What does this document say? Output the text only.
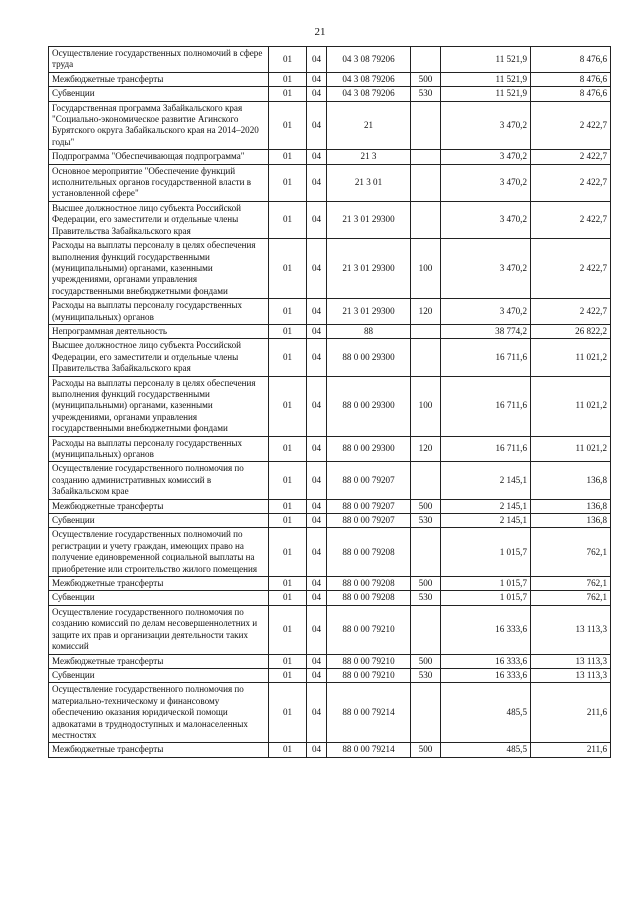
21
Осуществление государственных полномочий в сфере труда	01	04	04 3 08 79206		11 521,9	8 476,6
Межбюджетные трансферты	01	04	04 3 08 79206	500	11 521,9	8 476,6
Субвенции	01	04	04 3 08 79206	530	11 521,9	8 476,6
Государственная программа Забайкальского края "Социально-экономическое развитие Агинского Бурятского округа Забайкальского края на 2014–2020 годы"	01	04	21		3 470,2	2 422,7
Подпрограмма "Обеспечивающая подпрограмма"	01	04	21 3		3 470,2	2 422,7
Основное мероприятие "Обеспечение функций исполнительных органов государственной власти в установленной сфере"	01	04	21 3 01		3 470,2	2 422,7
Высшее должностное лицо субъекта Российской Федерации, его заместители и отдельные члены Правительства Забайкальского края	01	04	21 3 01 29300		3 470,2	2 422,7
Расходы на выплаты персоналу в целях обеспечения выполнения функций государственными (муниципальными) органами, казенными учреждениями, органами управления государственными внебюджетными фондами	01	04	21 3 01 29300	100	3 470,2	2 422,7
Расходы на выплаты персоналу государственных (муниципальных) органов	01	04	21 3 01 29300	120	3 470,2	2 422,7
Непрограммная деятельность	01	04	88		38 774,2	26 822,2
Высшее должностное лицо субъекта Российской Федерации, его заместители и отдельные члены Правительства Забайкальского края	01	04	88 0 00 29300		16 711,6	11 021,2
Расходы на выплаты персоналу в целях обеспечения выполнения функций государственными (муниципальными) органами, казенными учреждениями, органами управления государственными внебюджетными фондами	01	04	88 0 00 29300	100	16 711,6	11 021,2
Расходы на выплаты персоналу государственных (муниципальных) органов	01	04	88 0 00 29300	120	16 711,6	11 021,2
Осуществление государственного полномочия по созданию административных комиссий в Забайкальском крае	01	04	88 0 00 79207		2 145,1	136,8
Межбюджетные трансферты	01	04	88 0 00 79207	500	2 145,1	136,8
Субвенции	01	04	88 0 00 79207	530	2 145,1	136,8
Осуществление государственных полномочий по регистрации и учету граждан, имеющих право на получение единовременной социальной выплаты на приобретение или строительство жилого помещения	01	04	88 0 00 79208		1 015,7	762,1
Межбюджетные трансферты	01	04	88 0 00 79208	500	1 015,7	762,1
Субвенции	01	04	88 0 00 79208	530	1 015,7	762,1
Осуществление государственного полномочия по созданию комиссий по делам несовершеннолетних и защите их прав и организации деятельности таких комиссий	01	04	88 0 00 79210		16 333,6	13 113,3
Межбюджетные трансферты	01	04	88 0 00 79210	500	16 333,6	13 113,3
Субвенции	01	04	88 0 00 79210	530	16 333,6	13 113,3
Осуществление государственного полномочия по материально-техническому и финансовому обеспечению оказания юридической помощи адвокатами в труднодоступных и малонаселенных местностях	01	04	88 0 00 79214		485,5	211,6
Межбюджетные трансферты	01	04	88 0 00 79214	500	485,5	211,6
